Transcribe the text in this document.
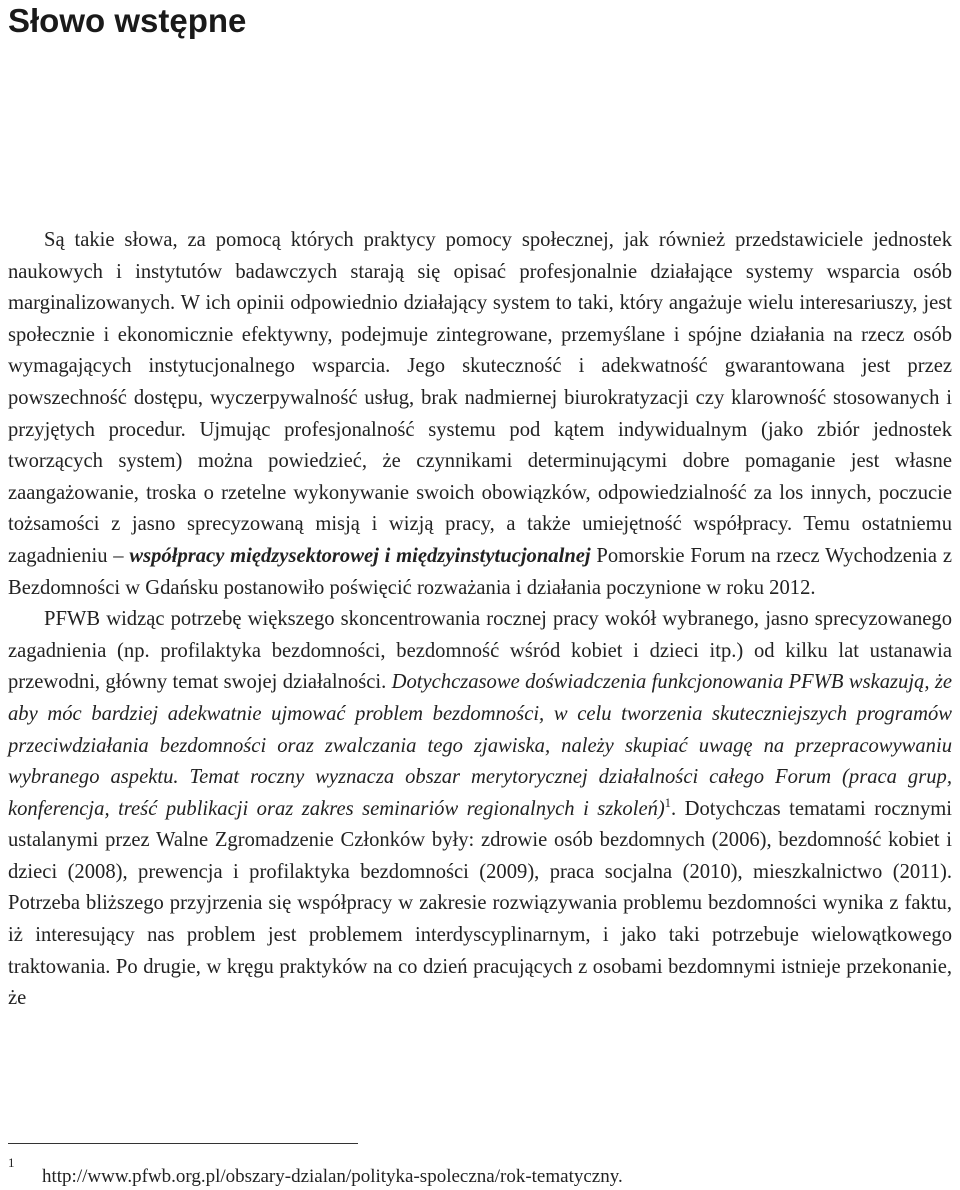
Słowo wstępne

Są takie słowa, za pomocą których praktycy pomocy społecznej, jak również przedstawiciele jednostek naukowych i instytutów badawczych starają się opisać profesjonalnie działające systemy wsparcia osób marginalizowanych. W ich opinii odpowiednio działający system to taki, który angażuje wielu interesariuszy, jest społecznie i ekonomicznie efektywny, podejmuje zintegrowane, przemyślane i spójne działania na rzecz osób wymagających instytucjonalnego wsparcia. Jego skuteczność i adekwatność gwarantowana jest przez powszechność dostępu, wyczerpywalność usług, brak nadmiernej biurokratyzacji czy klarowność stosowanych i przyjętych procedur. Ujmując profesjonalność systemu pod kątem indywidualnym (jako zbiór jednostek tworzących system) można powiedzieć, że czynnikami determinującymi dobre pomaganie jest własne zaangażowanie, troska o rzetelne wykonywanie swoich obowiązków, odpowiedzialność za los innych, poczucie tożsamości z jasno sprecyzowaną misją i wizją pracy, a także umiejętność współpracy. Temu ostatniemu zagadnieniu – współpracy międzysektorowej i międzyinstytucjonalnej Pomorskie Forum na rzecz Wychodzenia z Bezdomności w Gdańsku postanowiło poświęcić rozważania i działania poczynione w roku 2012.

PFWB widząc potrzebę większego skoncentrowania rocznej pracy wokół wybranego, jasno sprecyzowanego zagadnienia (np. profilaktyka bezdomności, bezdomność wśród kobiet i dzieci itp.) od kilku lat ustanawia przewodni, główny temat swojej działalności. Dotychczasowe doświadczenia funkcjonowania PFWB wskazują, że aby móc bardziej adekwatnie ujmować problem bezdomności, w celu tworzenia skuteczniejszych programów przeciwdziałania bezdomności oraz zwalczania tego zjawiska, należy skupiać uwagę na przepracowywaniu wybranego aspektu. Temat roczny wyznacza obszar merytorycznej działalności całego Forum (praca grup, konferencja, treść publikacji oraz zakres seminariów regionalnych i szkoleń)$^1$. Dotychczas tematami rocznymi ustalanymi przez Walne Zgromadzenie Członków były: zdrowie osób bezdomnych (2006), bezdomność kobiet i dzieci (2008), prewencja i profilaktyka bezdomności (2009), praca socjalna (2010), mieszkalnictwo (2011). Potrzeba bliższego przyjrzenia się współpracy w zakresie rozwiązywania problemu bezdomności wynika z faktu, iż interesujący nas problem jest problemem interdyscyplinarnym, i jako taki potrzebuje wielowątkowego traktowania. Po drugie, w kręgu praktyków na co dzień pracujących z osobami bezdomnymi istnieje przekonanie, że

1
http://www.pfwb.org.pl/obszary-dzialan/polityka-spoleczna/rok-tematyczny.
